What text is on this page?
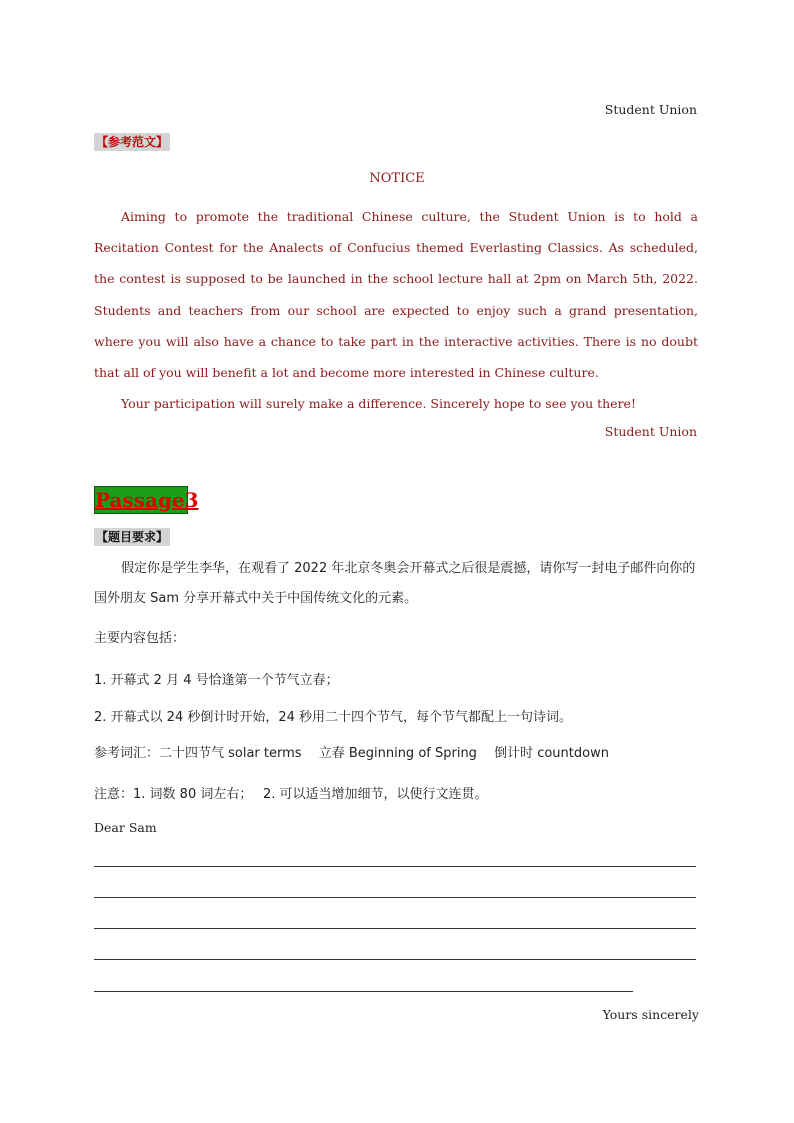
Student Union
【参考范文】
NOTICE

Aiming to promote the traditional Chinese culture, the Student Union is to hold a Recitation Contest for the Analects of Confucius themed Everlasting Classics. As scheduled, the contest is supposed to be launched in the school lecture hall at 2pm on March 5th, 2022. Students and teachers from our school are expected to enjoy such a grand presentation, where you will also have a chance to take part in the interactive activities. There is no doubt that all of you will benefit a lot and become more interested in Chinese culture.

Your participation will surely make a difference. Sincerely hope to see you there!

Student Union
Passage3
【题目要求】
假定你是学生李华，在观看了 2022 年北京冬奥会开幕式之后很是震撼，请你写一封电子邮件向你的国外朋友 Sam 分享开幕式中关于中国传统文化的元素。
主要内容包括：
1. 开幕式 2 月 4 号恰逢第一个节气立春；
2. 开幕式以 24 秒倒计时开始，24 秒用二十四个节气，每个节气都配上一句诗词。
参考词汇：二十四节气 solar terms　 立春 Beginning of Spring　 倒计时 countdown
注意：1. 词数 80 词左右；　 2. 可以适当增加细节，以使行文连贯。
Dear Sam
Yours sincerely
